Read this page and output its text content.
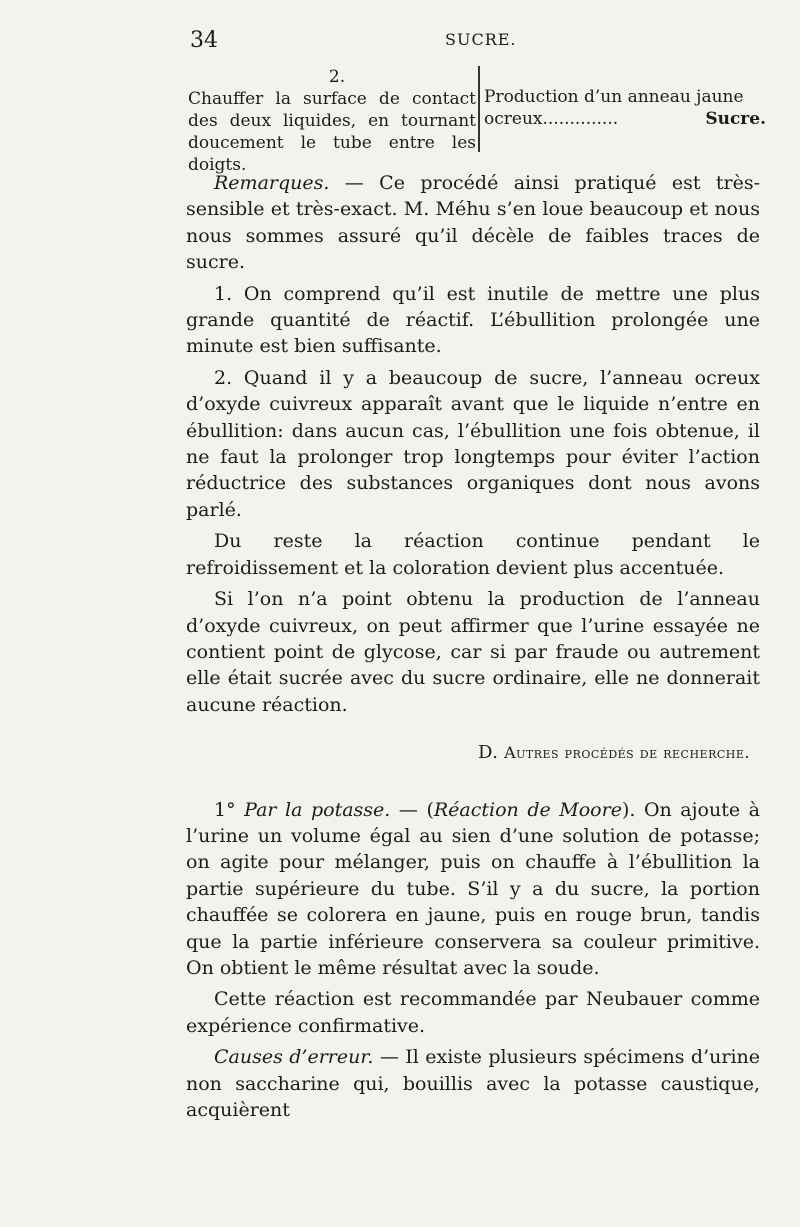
34	SUCRE.
2.
Chauffer la surface de contact des deux liquides, en tournant doucement le tube entre les doigts.
Production d’un anneau jaune
ocreux..............	Sucre.

Remarques. — Ce procédé ainsi pratiqué est très-sensible et très-exact. M. Méhu s’en loue beaucoup et nous nous sommes assuré qu’il décèle de faibles traces de sucre.

1. On comprend qu’il est inutile de mettre une plus grande quantité de réactif. L’ébullition prolongée une minute est bien suffisante.

2. Quand il y a beaucoup de sucre, l’anneau ocreux d’oxyde cuivreux apparaît avant que le liquide n’entre en ébullition: dans aucun cas, l’ébullition une fois obtenue, il ne faut la prolonger trop longtemps pour éviter l’action réductrice des substances organiques dont nous avons parlé.

Du reste la réaction continue pendant le refroidissement et la coloration devient plus accentuée.

Si l’on n’a point obtenu la production de l’anneau d’oxyde cuivreux, on peut affirmer que l’urine essayée ne contient point de glycose, car si par fraude ou autrement elle était sucrée avec du sucre ordinaire, elle ne donnerait aucune réaction.

D. Autres procédés de recherche.

1° Par la potasse. — (Réaction de Moore). On ajoute à l’urine un volume égal au sien d’une solution de potasse; on agite pour mélanger, puis on chauffe à l’ébullition la partie supérieure du tube. S’il y a du sucre, la portion chauffée se colorera en jaune, puis en rouge brun, tandis que la partie inférieure conservera sa couleur primitive. On obtient le même résultat avec la soude.

Cette réaction est recommandée par Neubauer comme expérience confirmative.

Causes d’erreur. — Il existe plusieurs spécimens d’urine non saccharine qui, bouillis avec la potasse caustique, acquièrent
